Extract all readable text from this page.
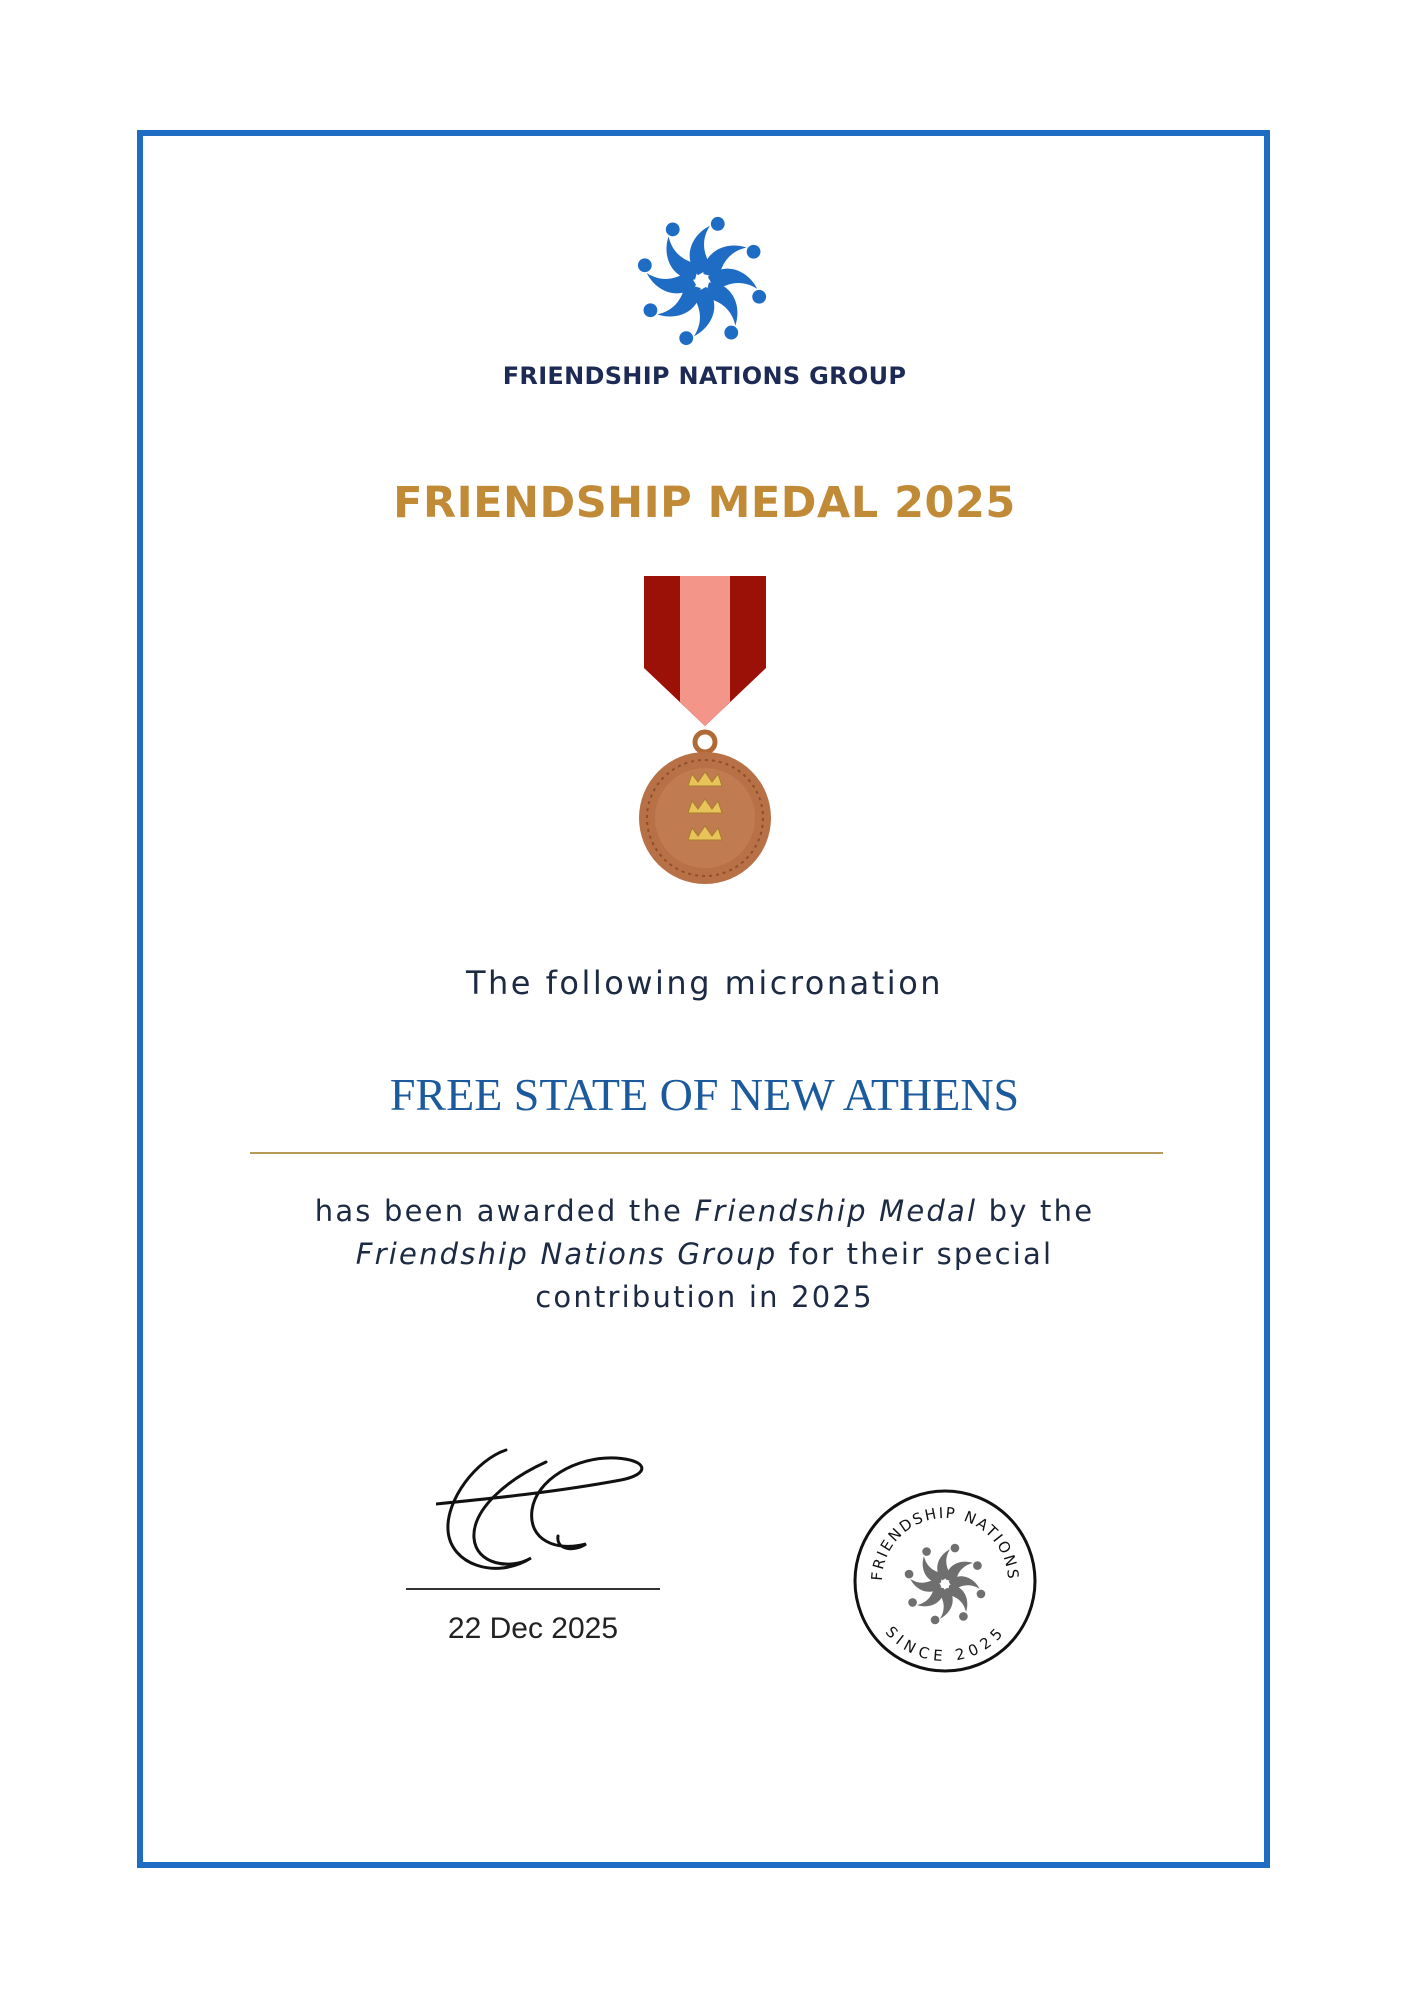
FRIENDSHIP NATIONS GROUP
FRIENDSHIP MEDAL 2025
The following micronation
FREE STATE OF NEW ATHENS
has been awarded the Friendship Medal by the
Friendship Nations Group for their special
contribution in 2025
22 Dec 2025
FRIENDSHIP NATIONS
SINCE 2025
